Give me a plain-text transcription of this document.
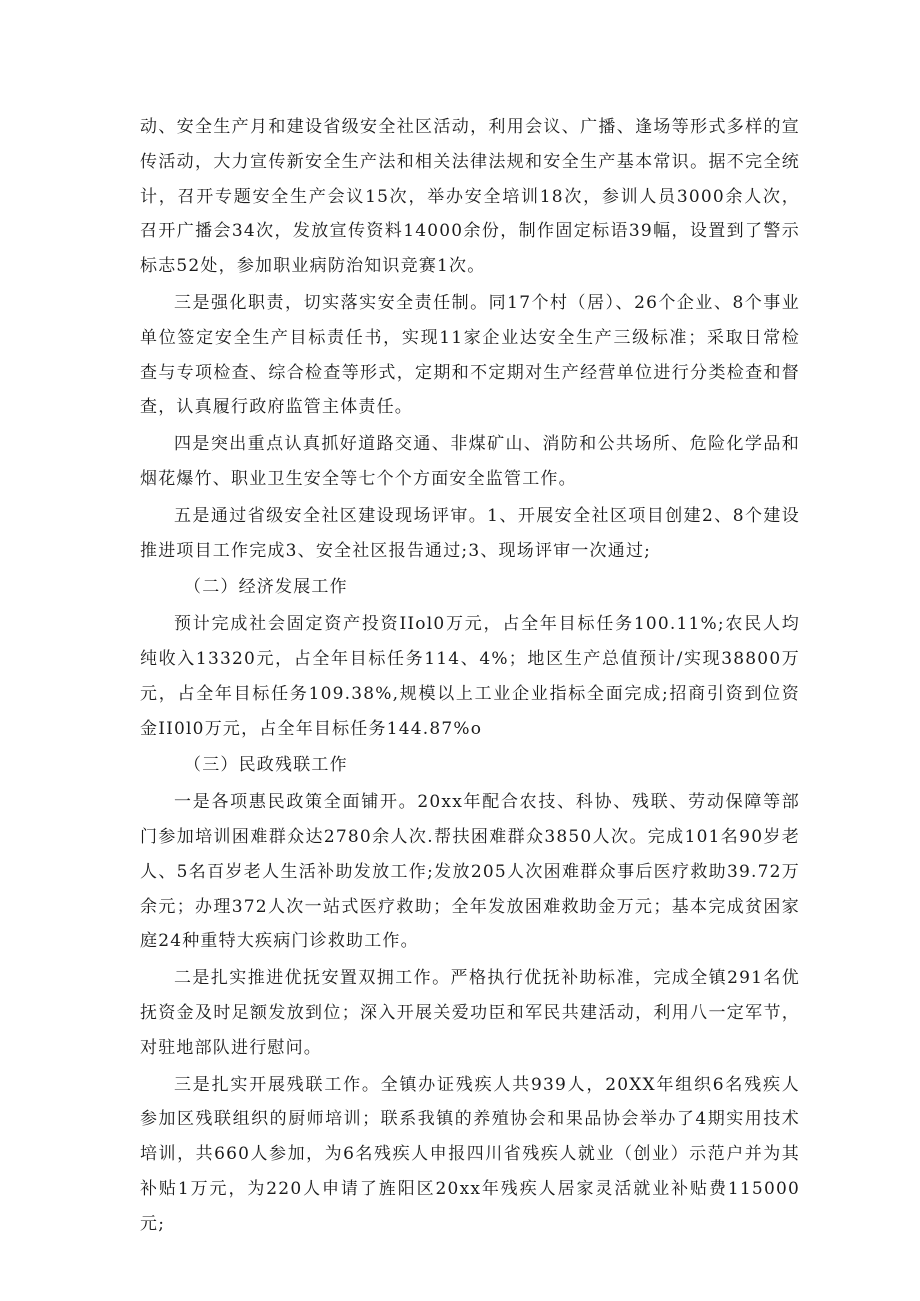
动、安全生产月和建设省级安全社区活动，利用会议、广播、逢场等形式多样的宣传活动，大力宣传新安全生产法和相关法律法规和安全生产基本常识。据不完全统计，召开专题安全生产会议15次，举办安全培训18次，参训人员3000余人次，召开广播会34次，发放宣传资料14000余份，制作固定标语39幅，设置到了警示标志52处，参加职业病防治知识竞赛1次。

三是强化职责，切实落实安全责任制。同17个村（居）、26个企业、8个事业单位签定安全生产目标责任书，实现11家企业达安全生产三级标准；采取日常检查与专项检查、综合检查等形式，定期和不定期对生产经营单位进行分类检查和督查，认真履行政府监管主体责任。

四是突出重点认真抓好道路交通、非煤矿山、消防和公共场所、危险化学品和烟花爆竹、职业卫生安全等七个个方面安全监管工作。

五是通过省级安全社区建设现场评审。1、开展安全社区项目创建2、8个建设推进项目工作完成3、安全社区报告通过;3、现场评审一次通过;

（二）经济发展工作

预计完成社会固定资产投资IIol0万元，占全年目标任务100.11%;农民人均纯收入13320元，占全年目标任务114、4%；地区生产总值预计/实现38800万元，占全年目标任务109.38%,规模以上工业企业指标全面完成;招商引资到位资金II0l0万元，占全年目标任务144.87%o

（三）民政残联工作

一是各项惠民政策全面铺开。20xx年配合农技、科协、残联、劳动保障等部门参加培训困难群众达2780余人次.帮扶困难群众3850人次。完成101名90岁老人、5名百岁老人生活补助发放工作;发放205人次困难群众事后医疗救助39.72万余元；办理372人次一站式医疗救助；全年发放困难救助金万元；基本完成贫困家庭24种重特大疾病门诊救助工作。

二是扎实推进优抚安置双拥工作。严格执行优抚补助标准，完成全镇291名优抚资金及时足额发放到位；深入开展关爱功臣和军民共建活动，利用八一定军节，对驻地部队进行慰问。

三是扎实开展残联工作。全镇办证残疾人共939人，20XX年组织6名残疾人参加区残联组织的厨师培训；联系我镇的养殖协会和果品协会举办了4期实用技术培训，共660人参加，为6名残疾人申报四川省残疾人就业（创业）示范户并为其补贴1万元，为220人申请了旌阳区20xx年残疾人居家灵活就业补贴费115000元;
